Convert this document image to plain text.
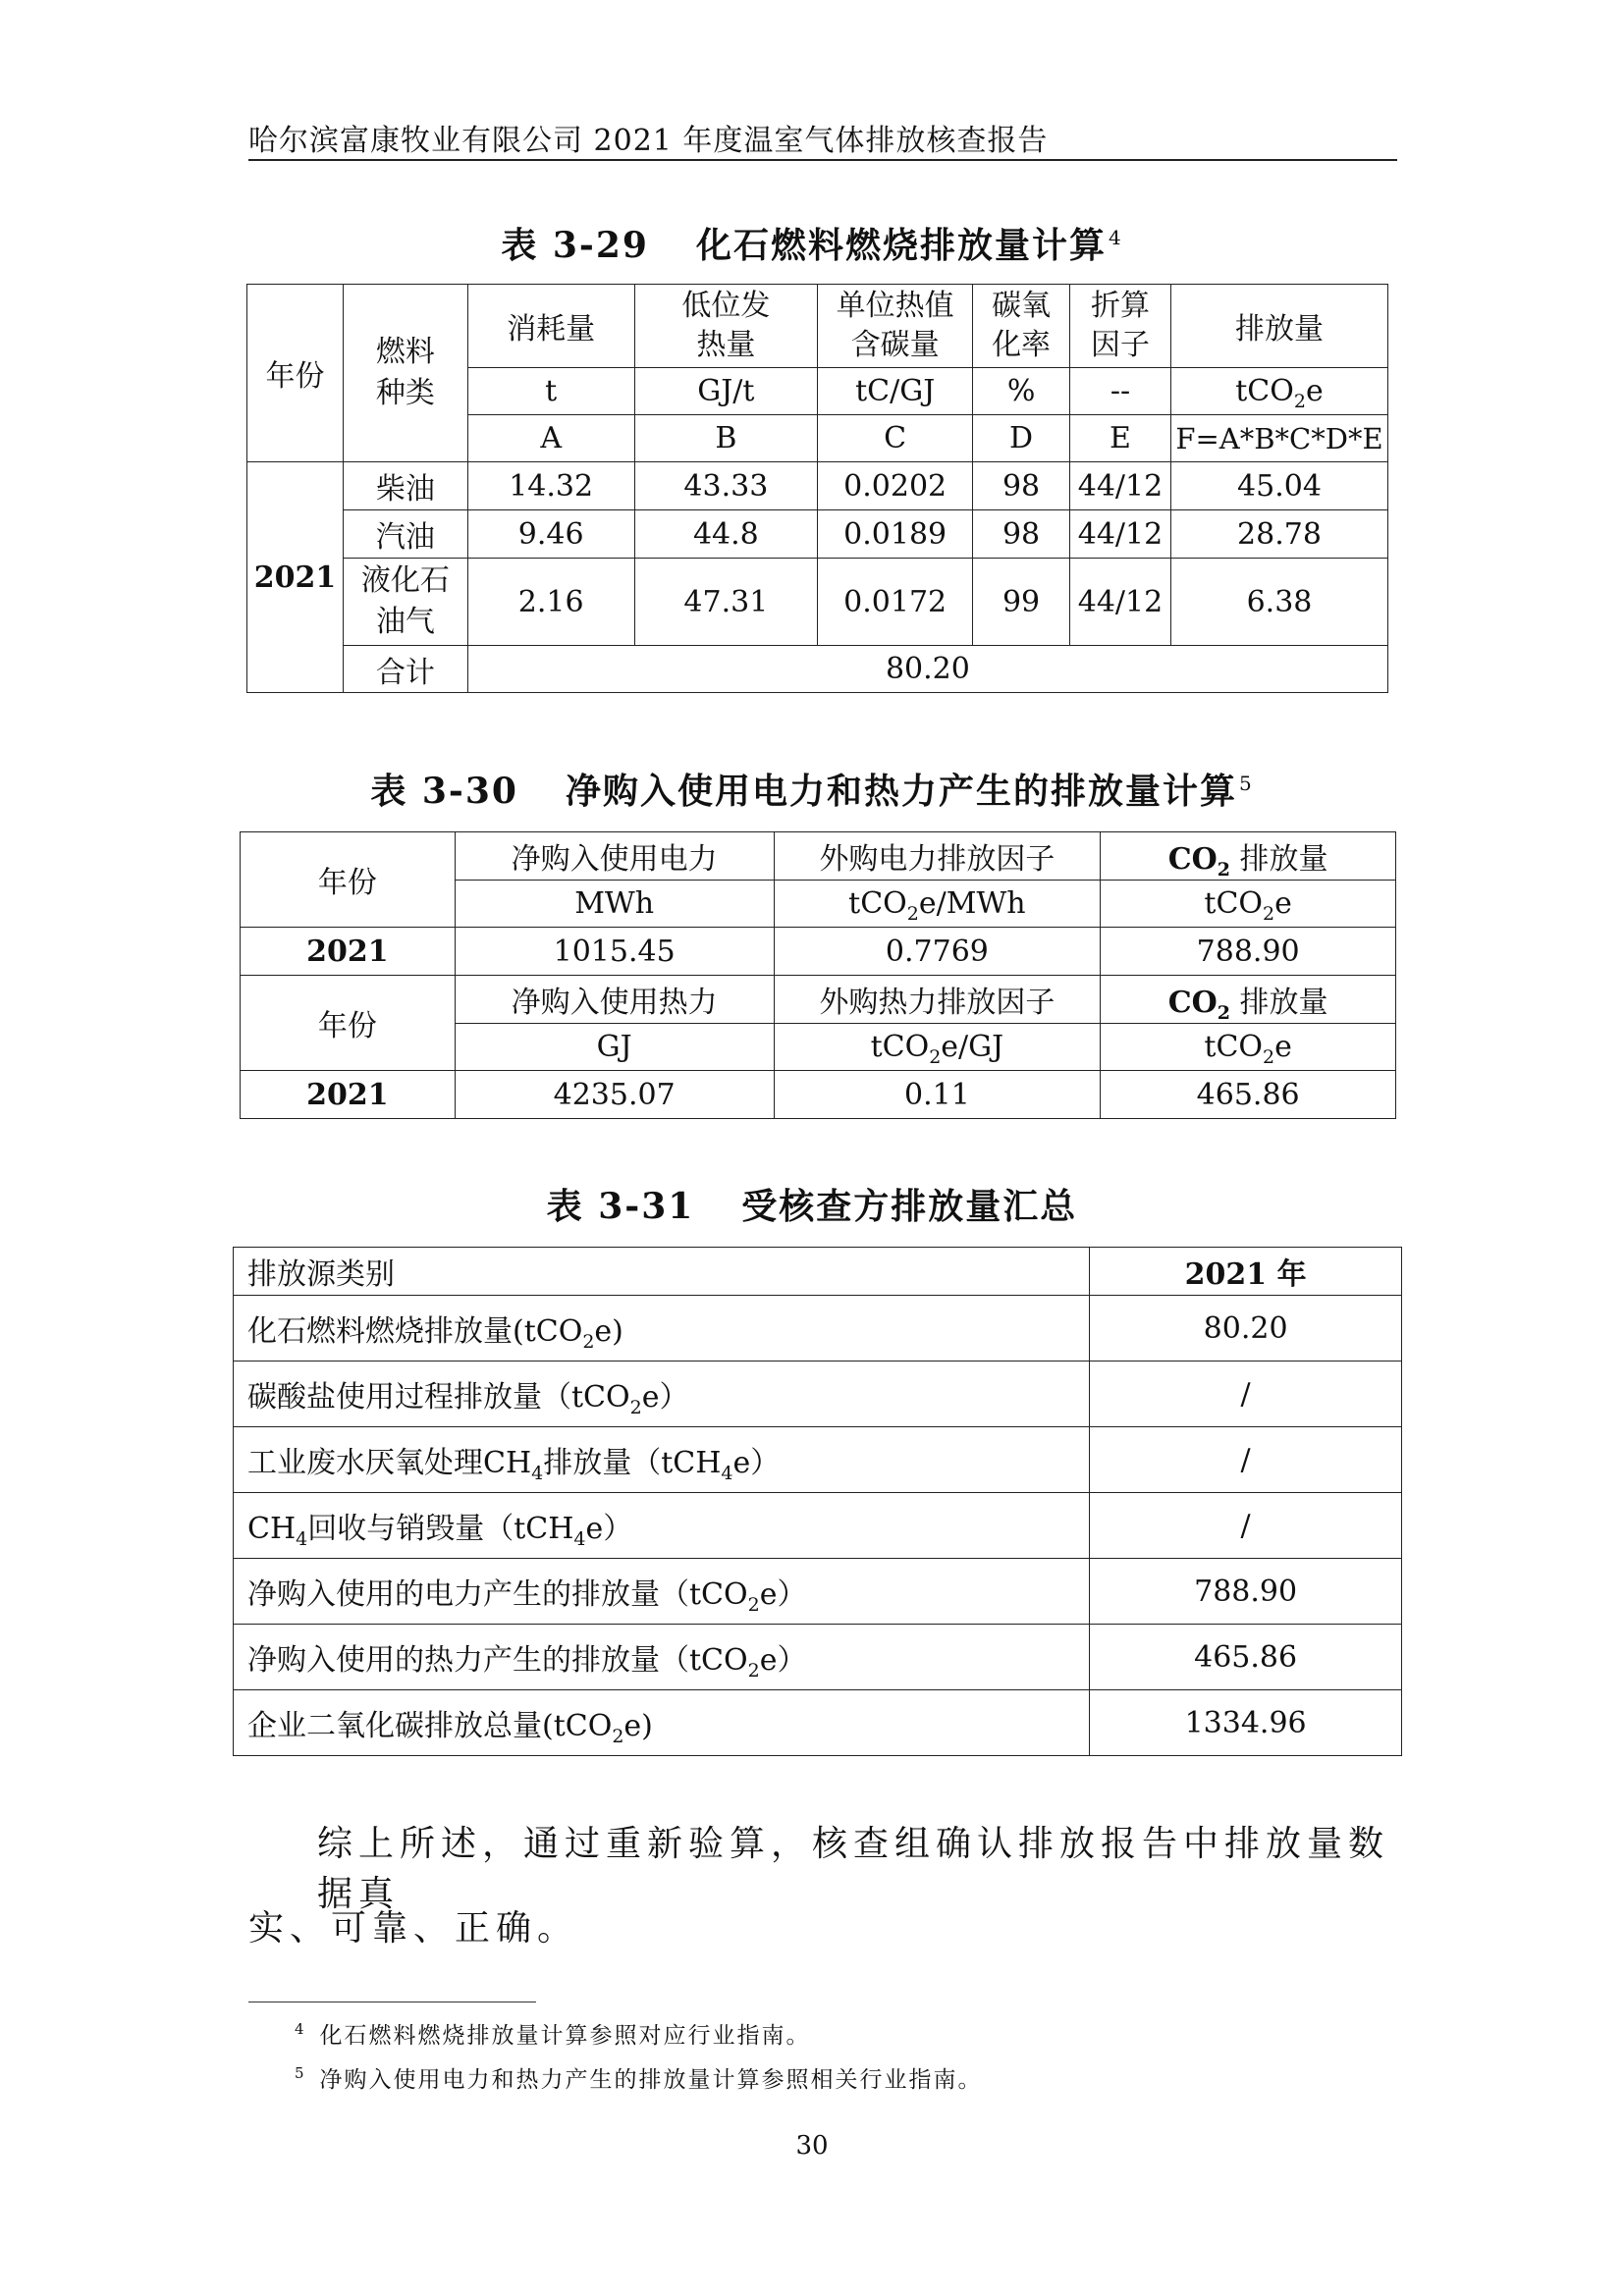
哈尔滨富康牧业有限公司 2021 年度温室气体排放核查报告
表 3-29 化石燃料燃烧排放量计算 $^4$
年份	燃料种类	消耗量	低位发热量	单位热值含碳量	碳氧化率	折算因子	排放量
		t	GJ/t	tC/GJ	%	--	tCO$_2$e
		A	B	C	D	E	F=A*B*C*D*E
2021	柴油	14.32	43.33	0.0202	98	44/12	45.04
	汽油	9.46	44.8	0.0189	98	44/12	28.78
	液化石油气	2.16	47.31	0.0172	99	44/12	6.38
	合计	80.20					
表 3-30 净购入使用电力和热力产生的排放量计算 $^5$
年份	净购入使用电力	外购电力排放因子	$CO_2$ 排放量
	MWh	tCO$_2$e/MWh	tCO$_2$e
2021	1015.45	0.7769	788.90
年份	净购入使用热力	外购热力排放因子	$CO_2$ 排放量
	GJ	tCO$_2$e/GJ	tCO$_2$e
2021	4235.07	0.11	465.86
表 3-31 受核查方排放量汇总
排放源类别	2021 年
化石燃料燃烧排放量(tCO$_2$e)	80.20
碳酸盐使用过程排放量（tCO$_2$e）	/
工业废水厌氧处理$CH_4$排放量（tCH$_4$e）	/
$CH_4$回收与销毁量（tCH$_4$e）	/
净购入使用的电力产生的排放量（tCO$_2$e）	788.90
净购入使用的热力产生的排放量（tCO$_2$e）	465.86
企业二氧化碳排放总量(tCO$_2$e)	1334.96
综上所述，通过重新验算，核查组确认排放报告中排放量数据真
实、可靠、正确。
$^4$ 化石燃料燃烧排放量计算参照对应行业指南。
$^5$ 净购入使用电力和热力产生的排放量计算参照相关行业指南。
30
